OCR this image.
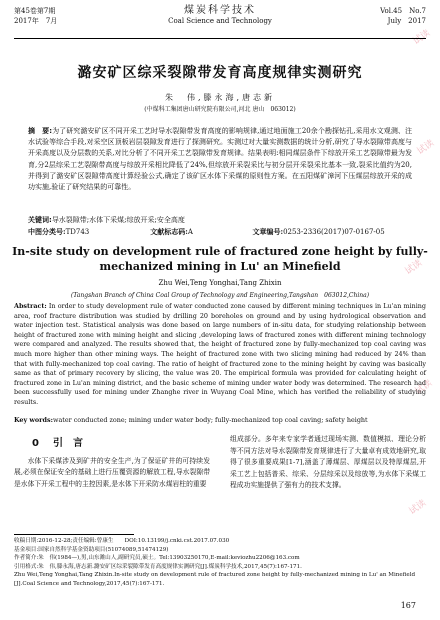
试读
试读
试读
试读
试读
第45卷第7期
2017年　7月
煤炭科学技术
Coal Science and Technology
Vol.45　No.7
July　2017
潞安矿区综采裂隙带发育高度规律实测研究
朱　伟,滕永海,唐志新
(中煤科工集团唐山研究院有限公司,河北 唐山　063012)
摘　要:为了研究潞安矿区不同开采工艺时导水裂隙带发育高度的影响规律,通过地面施工20余个勘探钻孔,采用水文观测、注水试验等综合手段,对采空区顶板岩层裂隙发育进行了探测研究。实测过对大量实测数据的统计分析,研究了导水裂隙带高度与开采高度以及分层数的关系,对比分析了不同开采工艺裂隙带发育规律。结果表明:相同煤层条件下综放开采工艺裂隙带最为发育,分2层综采工艺裂隙带高度与综放开采相比降低了24%,但综放开采裂采比与初分层开采裂采比基本一致,裂采比值约为20,并得到了潞安矿区裂隙带高度计算经验公式,确定了该矿区水体下采煤的原则性方案。在五阳煤矿漳河下压煤层综放开采的成功实施,验证了研究结果的可靠性。
关键词:导水裂隙带;水体下采煤;综放开采;安全高度
中图分类号:TD743	文献标志码:A	文章编号:0253-2336(2017)07-0167-05
In-site study on development rule of fractured zone height by fully-mechanized mining in Lu' an Minefield
Zhu Wei,Teng Yonghai,Tang Zhixin
(Tangshan Branch of China Coal Group of Technology and Engineering,Tangshan　063012,China)
Abstract: In order to study development rule of water conducted zone caused by different mining techniques in Lu'an mining area, roof fracture distribution was studied by drilling 20 boreholes on ground and by using hydrological observation and water injection test. Statistical analysis was done based on large numbers of in-situ data, for studying relationship between height of fractured zone with mining height and slicing ,developing laws of fractured zones with different mining technology were compared and analyzed. The results showed that, the height of fractured zone by fully-mechanized top coal caving was much more higher than other mining ways. The height of fractured zone with two slicing mining had reduced by 24% than that with fully-mechanized top coal caving. The ratio of height of fractured zone to the mining height by caving was basically same as that of primary recovery by slicing, the value was 20. The empirical formula was provided for calculating height of fractured zone in Lu'an mining district, and the basic scheme of mining under water body was determined. The research had been successfully used for mining under Zhanghe river in Wuyang Coal Mine, which has verified the reliability of studying results.
Key words:water conducted zone; mining under water body; fully-mechanized top coal caving; safety height
0 引　言
水体下采煤涉及到矿井的安全生产,为了保证矿井的可持续发展,必须在保证安全的基础上进行压覆资源的解放工程,导水裂隙带是水体下开采工程中的主控因素,是水体下开采防水煤岩柱的重要
组成部分。多年来专家学者通过现场实测、数值模拟、理论分析等不同方法对导水裂隙带发育规律进行了大量卓有成效地研究,取得了很多重要成果[1-7],涵盖了薄煤层、厚煤层以及特厚煤层,开采工艺上包括普采、综采、分层综采以及综放等,为水体下采煤工程成功实施提供了强有力的技术支撑。
收稿日期:2016-12-28;责任编辑:曾康生　　 DOI:10.13199/j.cnki.cst.2017.07.030
基金项目:国家自然科学基金资助项目(51074089,51474129)
作者简介:朱　伟(1984—),男,山东潍山人,副研究员,硕士。Tel:13903250170,E-mail:keviozhu2206@163.com
引用格式:朱　伟,滕永海,唐志新.潞安矿区综采裂隙带发育高度规律实测研究[J].煤炭科学技术,2017,45(7):167-171.
Zhu Wei,Teng Yonghai,Tang Zhixin.In-site study on development rule of fractured zone height by fully-mechanized mining in Lu' an Minefield [J].Coal Science and Technology,2017,45(7):167-171.
167
